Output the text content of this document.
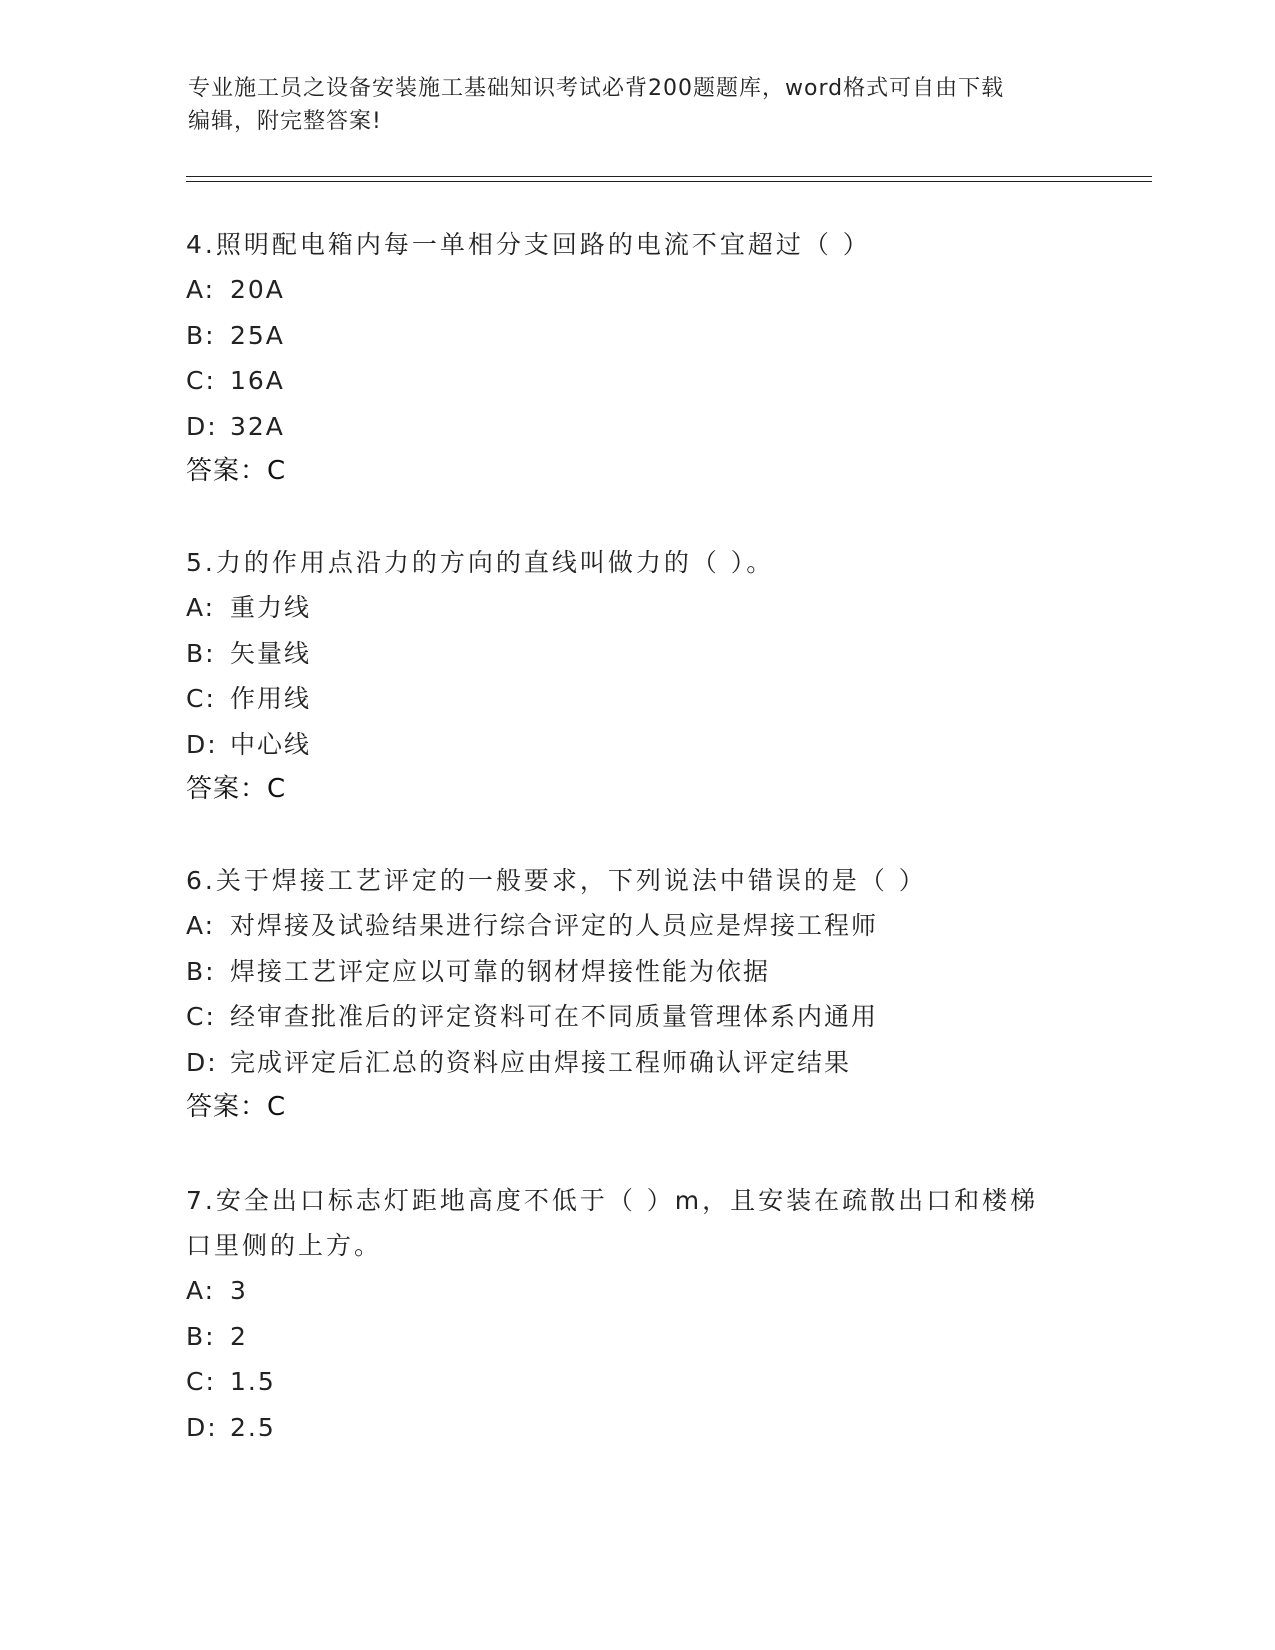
专业施工员之设备安装施工基础知识考试必背200题题库，word格式可自由下载
编辑，附完整答案!
4.照明配电箱内每一单相分支回路的电流不宜超过（ ）
A: 20A
B: 25A
C: 16A
D: 32A
答案：C
5.力的作用点沿力的方向的直线叫做力的（ ）。
A: 重力线
B: 矢量线
C: 作用线
D: 中心线
答案：C
6.关于焊接工艺评定的一般要求，下列说法中错误的是（ ）
A: 对焊接及试验结果进行综合评定的人员应是焊接工程师
B: 焊接工艺评定应以可靠的钢材焊接性能为依据
C: 经审查批准后的评定资料可在不同质量管理体系内通用
D: 完成评定后汇总的资料应由焊接工程师确认评定结果
答案：C
7.安全出口标志灯距地高度不低于（ ）m，且安装在疏散出口和楼梯口里侧的上方。
A: 3
B: 2
C: 1.5
D: 2.5
